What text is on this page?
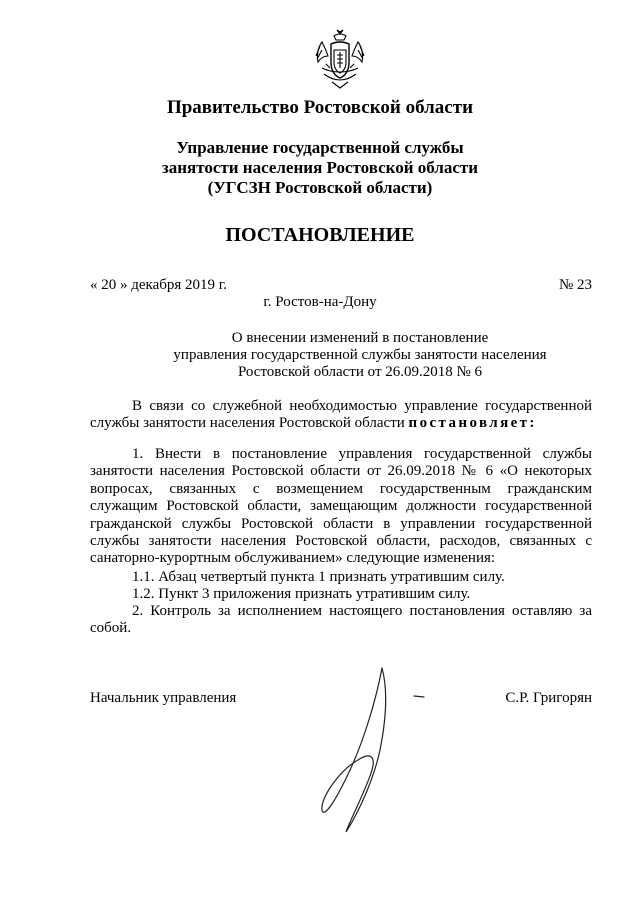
Правительство Ростовской области
Управление государственной службы
занятости населения Ростовской области
(УГСЗН Ростовской области)
ПОСТАНОВЛЕНИЕ
« 20 » декабря 2019 г.	№ 23
г. Ростов-на-Дону
О внесении изменений в постановление
управления государственной службы занятости населения
Ростовской области от 26.09.2018 № 6
В связи со служебной необходимостью управление государственной службы занятости населения Ростовской области постановляет:
1. Внести в постановление управления государственной службы занятости населения Ростовской области от 26.09.2018 № 6 «О некоторых вопросах, связанных с возмещением государственным гражданским служащим Ростовской области, замещающим должности государственной гражданской службы Ростовской области в управлении государственной службы занятости населения Ростовской области, расходов, связанных с санаторно-курортным обслуживанием» следующие изменения:
1.1. Абзац четвертый пункта 1 признать утратившим силу.
1.2. Пункт 3 приложения признать утратившим силу.
2. Контроль за исполнением настоящего постановления оставляю за собой.
Начальник управления	С.Р. Григорян
